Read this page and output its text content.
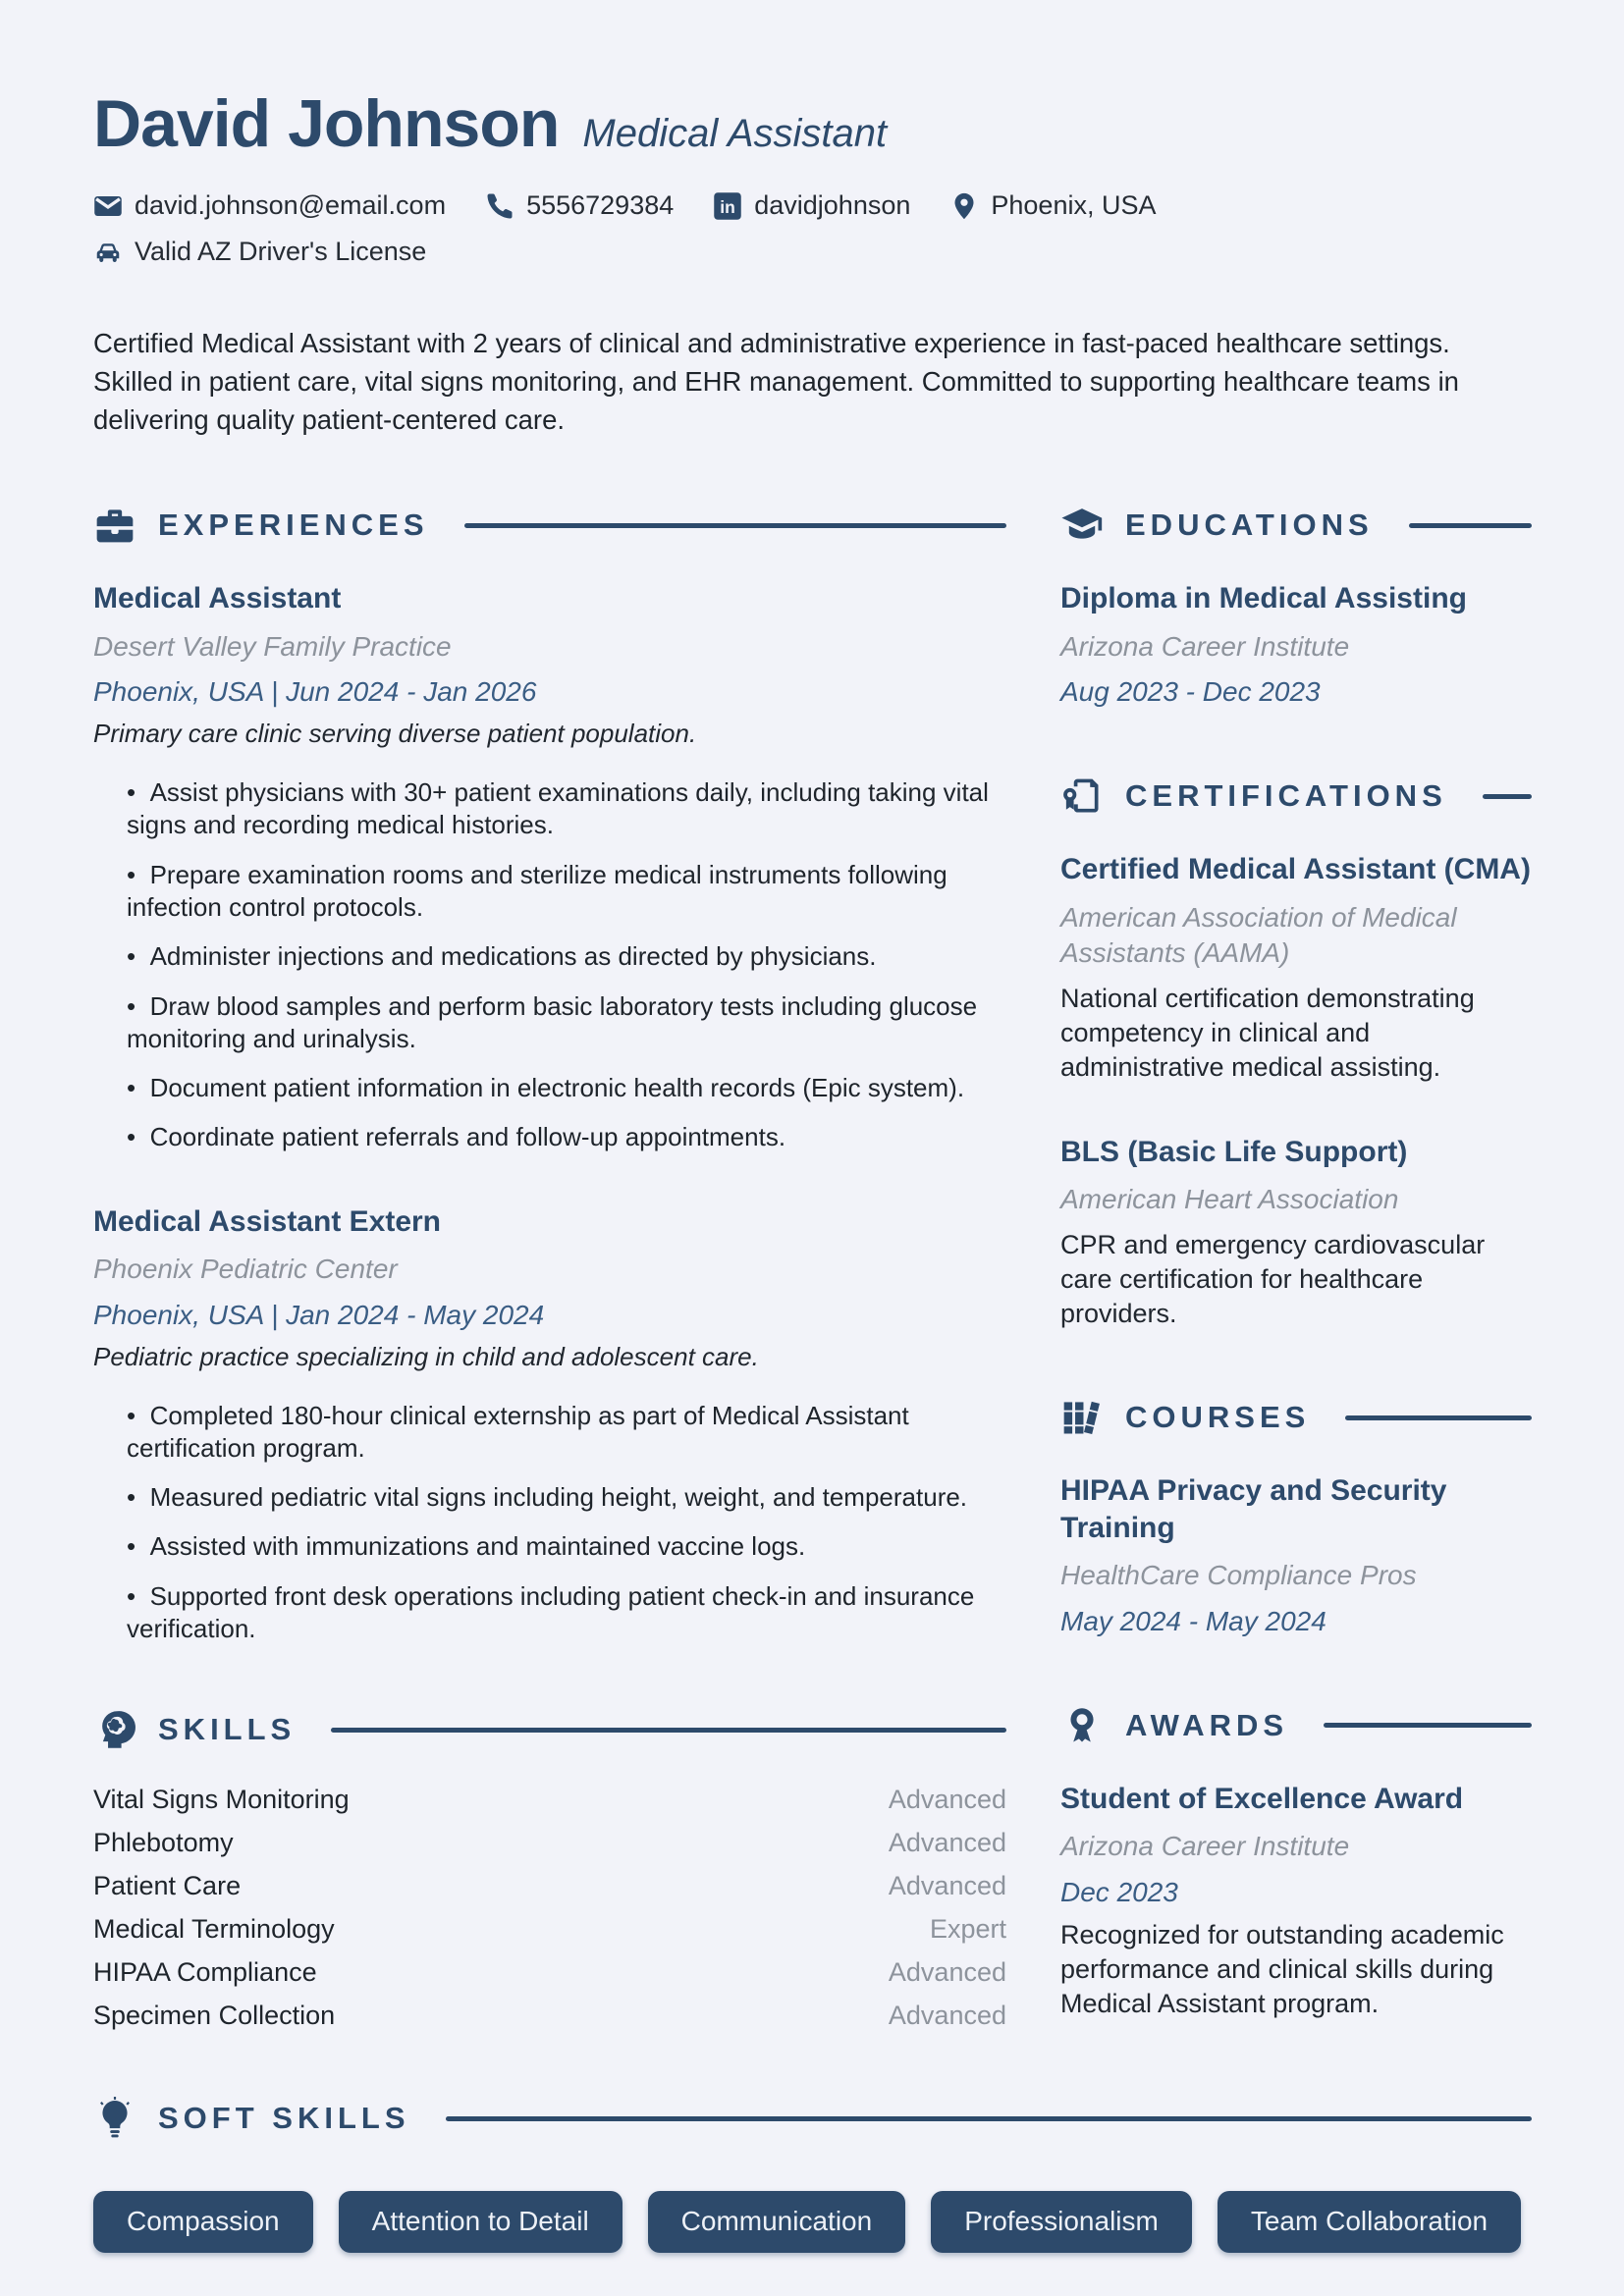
David Johnson Medical Assistant
david.johnson@email.com	5556729384	in davidjohnson	Phoenix, USA
Valid AZ Driver's License

Certified Medical Assistant with 2 years of clinical and administrative experience in fast-paced healthcare settings. Skilled in patient care, vital signs monitoring, and EHR management. Committed to supporting healthcare teams in delivering quality patient-centered care.

EXPERIENCES
Medical Assistant
Desert Valley Family Practice
Phoenix, USA | Jun 2024 - Jan 2026
Primary care clinic serving diverse patient population.
•  Assist physicians with 30+ patient examinations daily, including taking vital signs and recording medical histories.
•  Prepare examination rooms and sterilize medical instruments following infection control protocols.
•  Administer injections and medications as directed by physicians.
•  Draw blood samples and perform basic laboratory tests including glucose monitoring and urinalysis.
•  Document patient information in electronic health records (Epic system).
•  Coordinate patient referrals and follow-up appointments.
Medical Assistant Extern
Phoenix Pediatric Center
Phoenix, USA | Jan 2024 - May 2024
Pediatric practice specializing in child and adolescent care.
•  Completed 180-hour clinical externship as part of Medical Assistant certification program.
•  Measured pediatric vital signs including height, weight, and temperature.
•  Assisted with immunizations and maintained vaccine logs.
•  Supported front desk operations including patient check-in and insurance verification.
SKILLS
Vital Signs Monitoring	Advanced
Phlebotomy	Advanced
Patient Care	Advanced
Medical Terminology	Expert
HIPAA Compliance	Advanced
Specimen Collection	Advanced
EDUCATIONS
Diploma in Medical Assisting
Arizona Career Institute
Aug 2023 - Dec 2023
CERTIFICATIONS
Certified Medical Assistant (CMA)
American Association of Medical Assistants (AAMA)
National certification demonstrating competency in clinical and administrative medical assisting.
BLS (Basic Life Support)
American Heart Association
CPR and emergency cardiovascular care certification for healthcare providers.
COURSES
HIPAA Privacy and Security Training
HealthCare Compliance Pros
May 2024 - May 2024
AWARDS
Student of Excellence Award
Arizona Career Institute
Dec 2023
Recognized for outstanding academic performance and clinical skills during Medical Assistant program.
SOFT SKILLS
Compassion	Attention to Detail	Communication	Professionalism	Team Collaboration
